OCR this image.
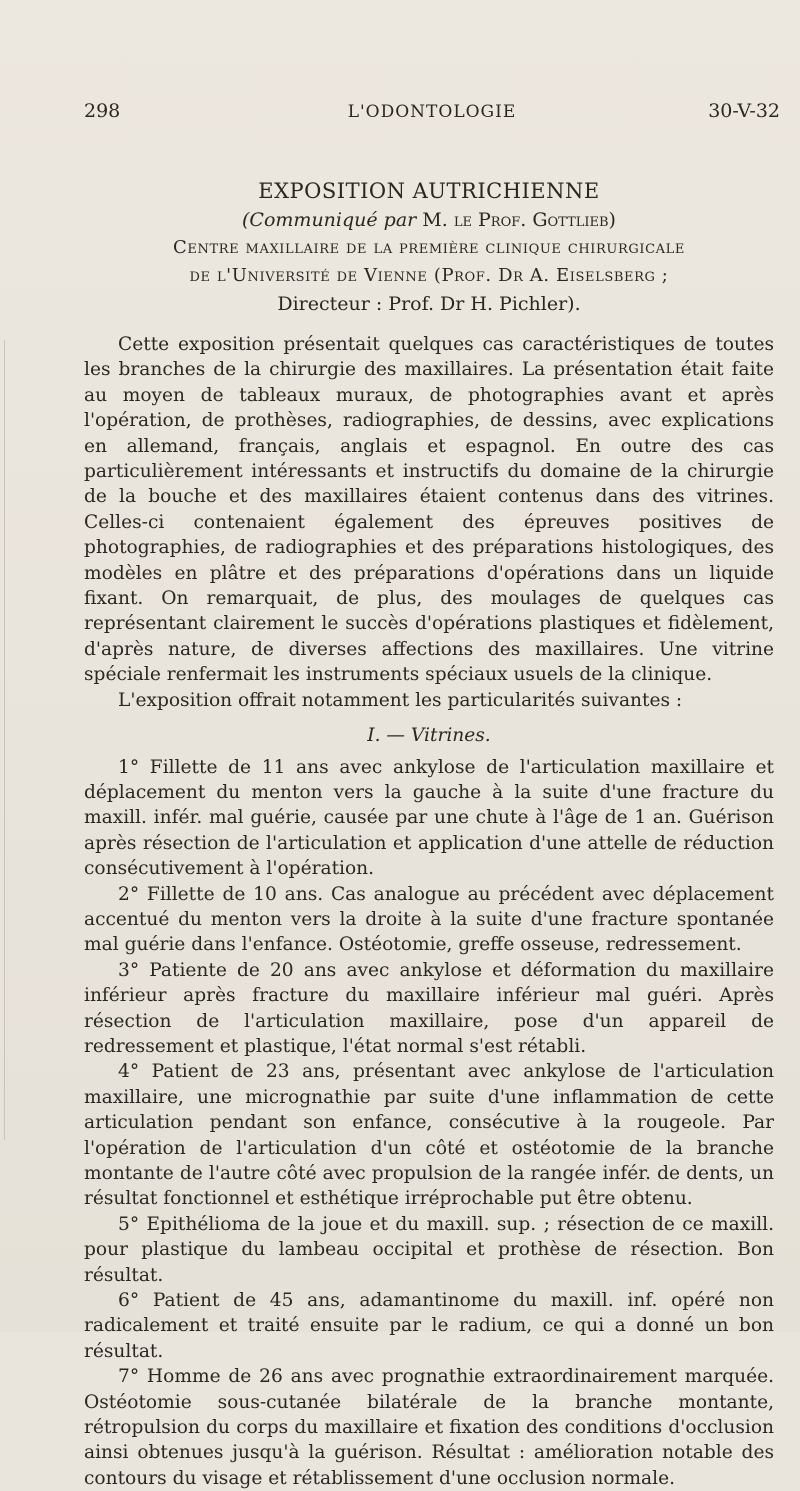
298	L'ODONTOLOGIE	30-V-32

EXPOSITION AUTRICHIENNE

(Communiqué par M. le Prof. Gottlieb)

Centre maxillaire de la première clinique chirurgicale

de l'Université de Vienne (Prof. Dr A. Eiselsberg ;

Directeur : Prof. Dr H. Pichler).

Cette exposition présentait quelques cas caractéristiques de toutes les branches de la chirurgie des maxillaires. La présentation était faite au moyen de tableaux muraux, de photographies avant et après l'opération, de prothèses, radiographies, de dessins, avec explications en allemand, français, anglais et espagnol. En outre des cas particulièrement intéressants et instructifs du domaine de la chirurgie de la bouche et des maxillaires étaient contenus dans des vitrines. Celles-ci contenaient également des épreuves positives de photographies, de radiographies et des préparations histologiques, des modèles en plâtre et des préparations d'opérations dans un liquide fixant. On remarquait, de plus, des moulages de quelques cas représentant clairement le succès d'opérations plastiques et fidèlement, d'après nature, de diverses affections des maxillaires. Une vitrine spéciale renfermait les instruments spéciaux usuels de la clinique.

L'exposition offrait notamment les particularités suivantes :

I. — Vitrines.

1° Fillette de 11 ans avec ankylose de l'articulation maxillaire et déplacement du menton vers la gauche à la suite d'une fracture du maxill. infér. mal guérie, causée par une chute à l'âge de 1 an. Guérison après résection de l'articulation et application d'une attelle de réduction consécutivement à l'opération.

2° Fillette de 10 ans. Cas analogue au précédent avec déplacement accentué du menton vers la droite à la suite d'une fracture spontanée mal guérie dans l'enfance. Ostéotomie, greffe osseuse, redressement.

3° Patiente de 20 ans avec ankylose et déformation du maxillaire inférieur après fracture du maxillaire inférieur mal guéri. Après résection de l'articulation maxillaire, pose d'un appareil de redressement et plastique, l'état normal s'est rétabli.

4° Patient de 23 ans, présentant avec ankylose de l'articulation maxillaire, une micrognathie par suite d'une inflammation de cette articulation pendant son enfance, consécutive à la rougeole. Par l'opération de l'articulation d'un côté et ostéotomie de la branche montante de l'autre côté avec propulsion de la rangée infér. de dents, un résultat fonctionnel et esthétique irréprochable put être obtenu.

5° Epithélioma de la joue et du maxill. sup. ; résection de ce maxill. pour plastique du lambeau occipital et prothèse de résection. Bon résultat.

6° Patient de 45 ans, adamantinome du maxill. inf. opéré non radicalement et traité ensuite par le radium, ce qui a donné un bon résultat.

7° Homme de 26 ans avec prognathie extraordinairement marquée. Ostéotomie sous-cutanée bilatérale de la branche montante, rétropulsion du corps du maxillaire et fixation des conditions d'occlusion ainsi obtenues jusqu'à la guérison. Résultat : amélioration notable des contours du visage et rétablissement d'une occlusion normale.
